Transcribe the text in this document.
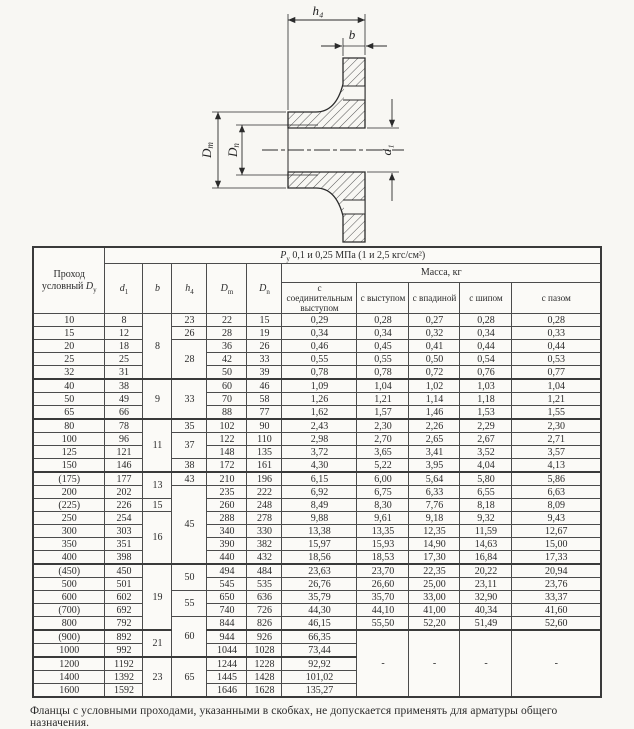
h₄
b
Dm
Dn	d₁
Проход
условный $D_y$	$P_у$ 0,1 и 0,25 МПа (1 и 2,5 кгс/см²)									
	$d_1$	b	$h_4$	$D_m$	$D_n$	Масса, кг				
						с соединительным выступом	с выступом	с впадиной	с шипом	с пазом
10	8	8	23	22	15	0,29	0,28	0,27	0,28	0,28
15	12		26	28	19	0,34	0,34	0,32	0,34	0,33
20	18		28	36	26	0,46	0,45	0,41	0,44	0,44
25	25			42	33	0,55	0,55	0,50	0,54	0,53
32	31			50	39	0,78	0,78	0,72	0,76	0,77
40	38	9	33	60	46	1,09	1,04	1,02	1,03	1,04
50	49			70	58	1,26	1,21	1,14	1,18	1,21
65	66			88	77	1,62	1,57	1,46	1,53	1,55
80	78	11	35	102	90	2,43	2,30	2,26	2,29	2,30
100	96		37	122	110	2,98	2,70	2,65	2,67	2,71
125	121			148	135	3,72	3,65	3,41	3,52	3,57
150	146		38	172	161	4,30	5,22	3,95	4,04	4,13
(175)	177	13	43	210	196	6,15	6,00	5,64	5,80	5,86
200	202		45	235	222	6,92	6,75	6,33	6,55	6,63
(225)	226	15		260	248	8,49	8,30	7,76	8,18	8,09
250	254	16		288	278	9,88	9,61	9,18	9,32	9,43
300	303			340	330	13,38	13,35	12,35	11,59	12,67
350	351			390	382	15,97	15,93	14,90	14,63	15,00
400	398			440	432	18,56	18,53	17,30	16,84	17,33
(450)	450	19	50	494	484	23,63	23,70	22,35	20,22	20,94
500	501			545	535	26,76	26,60	25,00	23,11	23,76
600	602		55	650	636	35,79	35,70	33,00	32,90	33,37
(700)	692			740	726	44,30	44,10	41,00	40,34	41,60
800	792		60	844	826	46,15	55,50	52,20	51,49	52,60
(900)	892	21		944	926	66,35	-	-	-	-
1000	992			1044	1028	73,44				
1200	1192	23	65	1244	1228	92,92				
1400	1392			1445	1428	101,02				
1600	1592			1646	1628	135,27				

Фланцы с условными проходами, указанными в скобках, не допускается применять для арматуры общего назначения.
